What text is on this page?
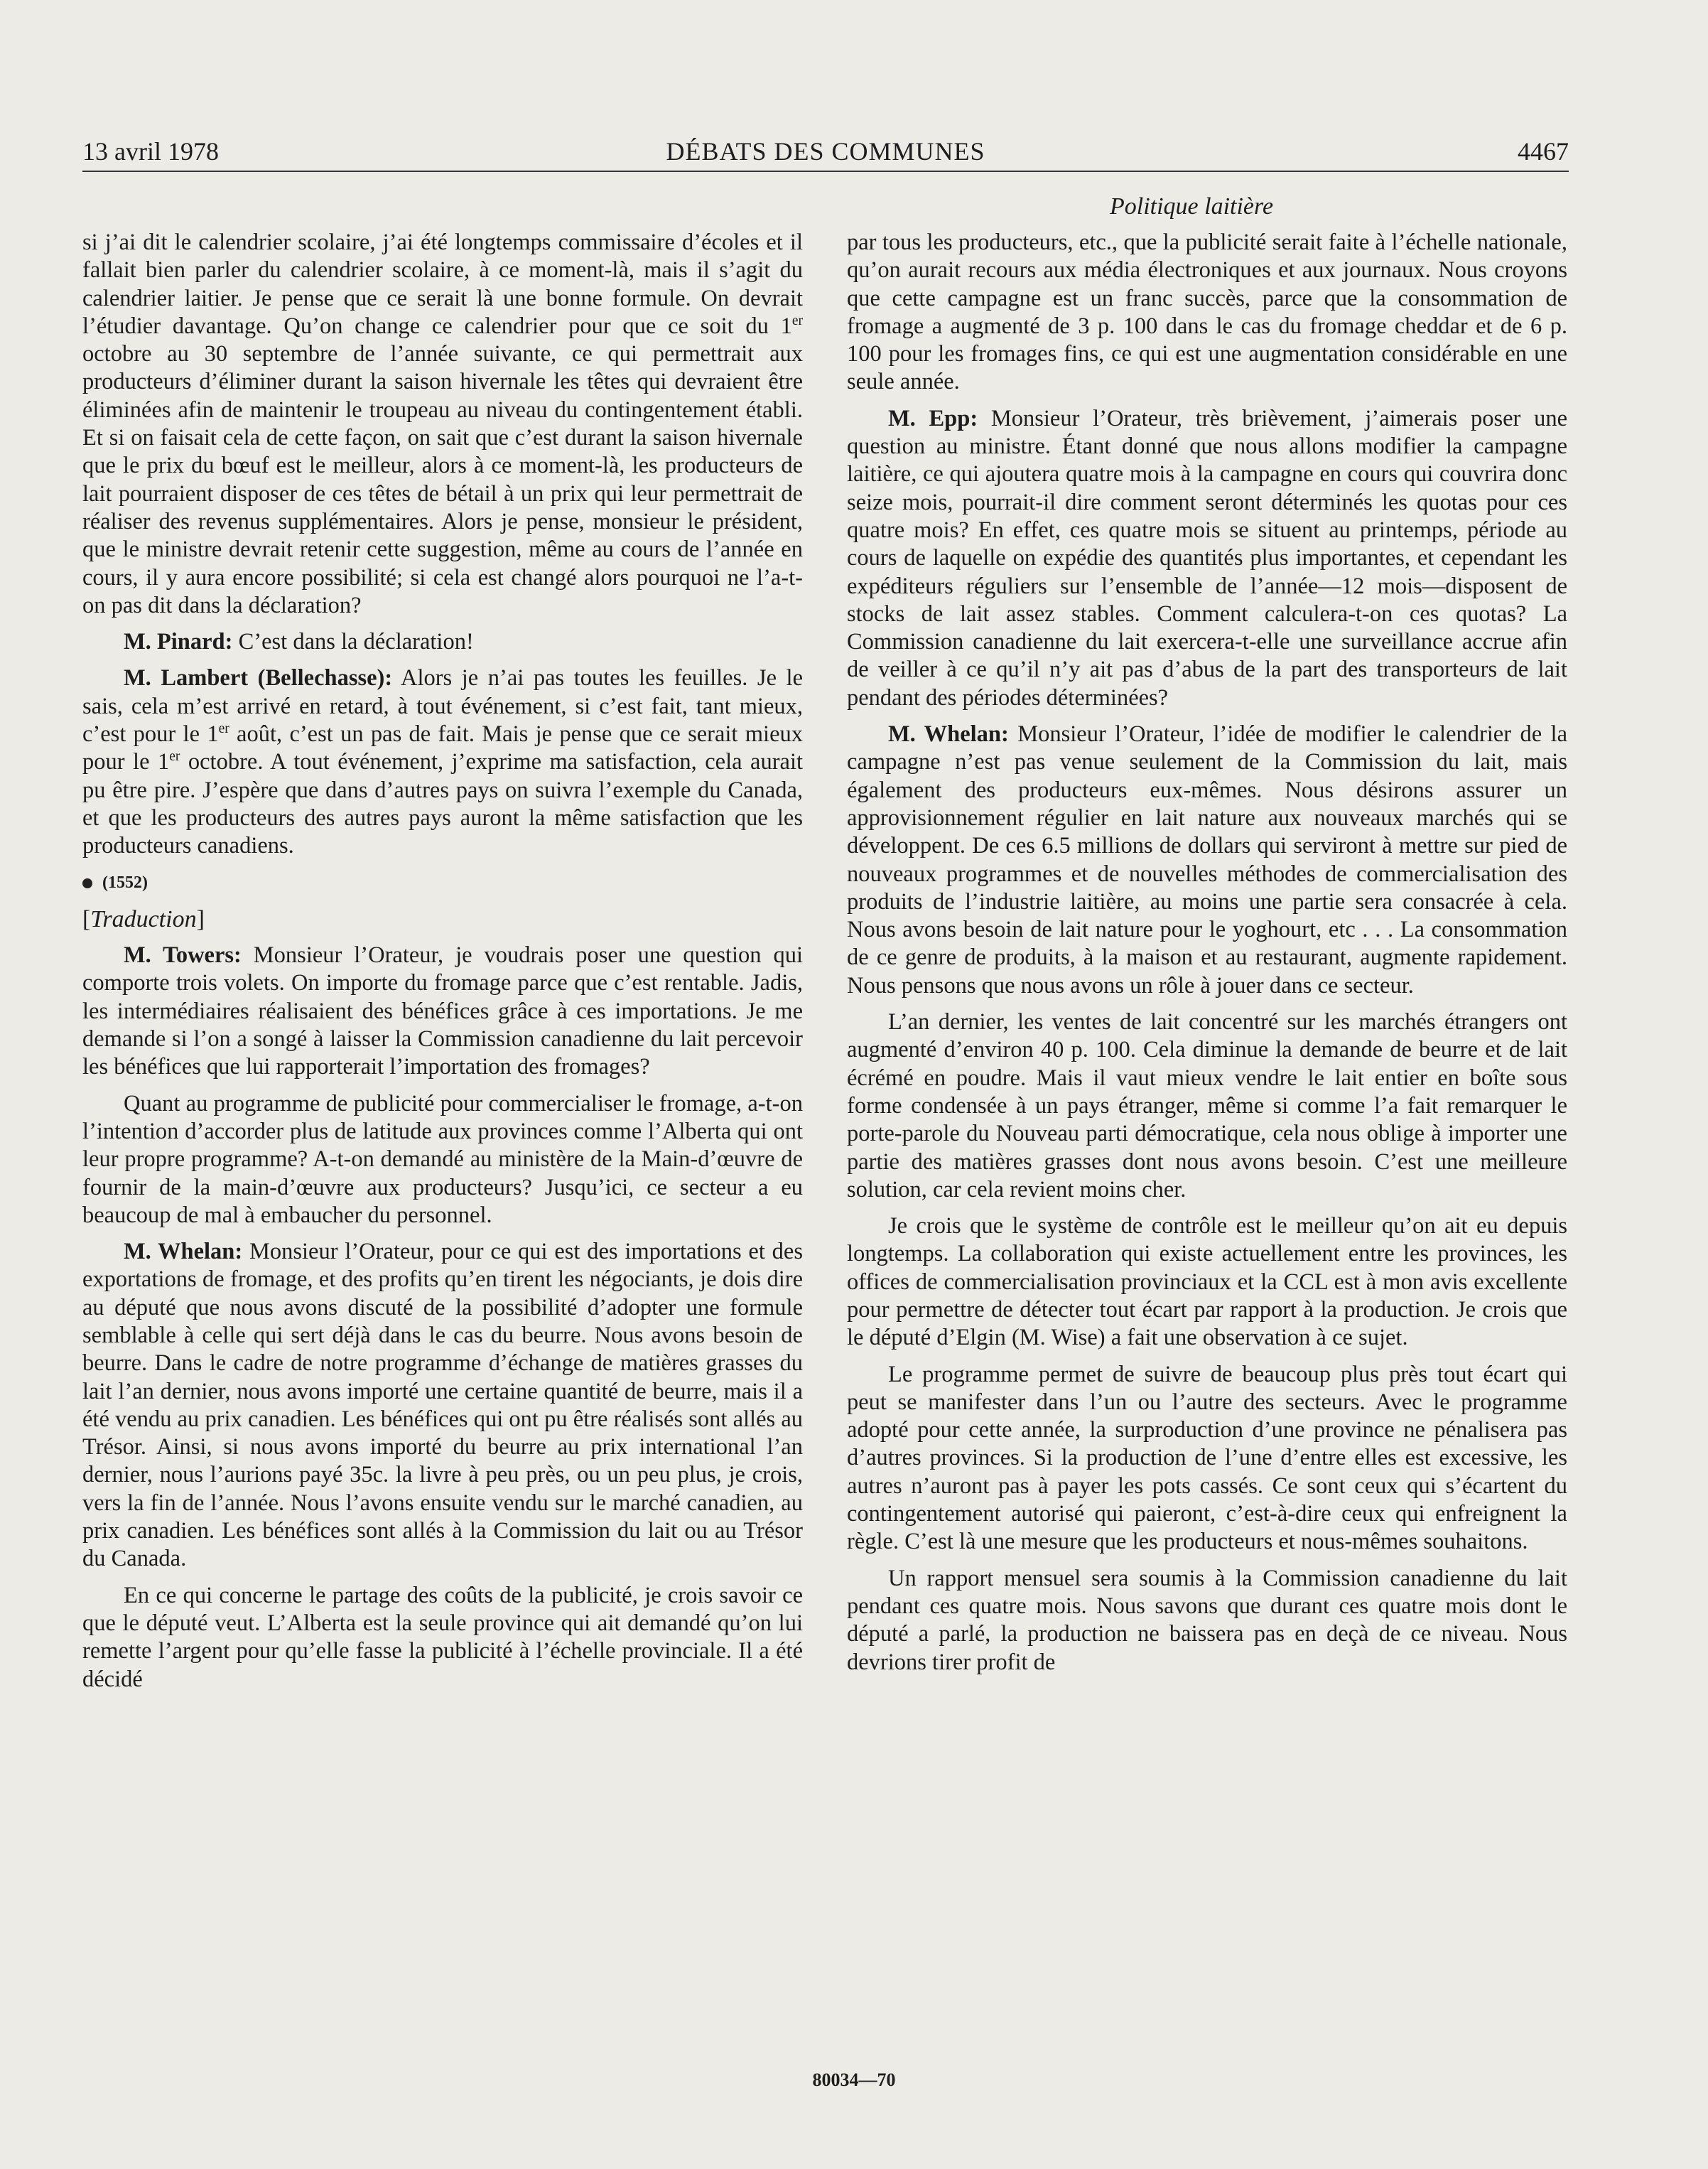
13 avril 1978	DÉBATS DES COMMUNES	4467
Politique laitière

si j’ai dit le calendrier scolaire, j’ai été longtemps commissaire d’écoles et il fallait bien parler du calendrier scolaire, à ce moment-là, mais il s’agit du calendrier laitier. Je pense que ce serait là une bonne formule. On devrait l’étudier davantage. Qu’on change ce calendrier pour que ce soit du 1er octobre au 30 septembre de l’année suivante, ce qui permettrait aux producteurs d’éliminer durant la saison hivernale les têtes qui devraient être éliminées afin de maintenir le troupeau au niveau du contingentement établi. Et si on faisait cela de cette façon, on sait que c’est durant la saison hivernale que le prix du bœuf est le meilleur, alors à ce moment-là, les producteurs de lait pourraient disposer de ces têtes de bétail à un prix qui leur permettrait de réaliser des revenus supplémentaires. Alors je pense, monsieur le président, que le ministre devrait retenir cette suggestion, même au cours de l’année en cours, il y aura encore possibilité; si cela est changé alors pourquoi ne l’a-t-on pas dit dans la déclaration?

M. Pinard: C’est dans la déclaration!

M. Lambert (Bellechasse): Alors je n’ai pas toutes les feuilles. Je le sais, cela m’est arrivé en retard, à tout événement, si c’est fait, tant mieux, c’est pour le 1er août, c’est un pas de fait. Mais je pense que ce serait mieux pour le 1er octobre. A tout événement, j’exprime ma satisfaction, cela aurait pu être pire. J’espère que dans d’autres pays on suivra l’exemple du Canada, et que les producteurs des autres pays auront la même satisfaction que les producteurs canadiens.

(1552)
[Traduction]

M. Towers: Monsieur l’Orateur, je voudrais poser une question qui comporte trois volets. On importe du fromage parce que c’est rentable. Jadis, les intermédiaires réalisaient des bénéfices grâce à ces importations. Je me demande si l’on a songé à laisser la Commission canadienne du lait percevoir les bénéfices que lui rapporterait l’importation des fromages?

Quant au programme de publicité pour commercialiser le fromage, a-t-on l’intention d’accorder plus de latitude aux provinces comme l’Alberta qui ont leur propre programme? A-t-on demandé au ministère de la Main-d’œuvre de fournir de la main-d’œuvre aux producteurs? Jusqu’ici, ce secteur a eu beaucoup de mal à embaucher du personnel.

M. Whelan: Monsieur l’Orateur, pour ce qui est des importations et des exportations de fromage, et des profits qu’en tirent les négociants, je dois dire au député que nous avons discuté de la possibilité d’adopter une formule semblable à celle qui sert déjà dans le cas du beurre. Nous avons besoin de beurre. Dans le cadre de notre programme d’échange de matières grasses du lait l’an dernier, nous avons importé une certaine quantité de beurre, mais il a été vendu au prix canadien. Les bénéfices qui ont pu être réalisés sont allés au Trésor. Ainsi, si nous avons importé du beurre au prix international l’an dernier, nous l’aurions payé 35c. la livre à peu près, ou un peu plus, je crois, vers la fin de l’année. Nous l’avons ensuite vendu sur le marché canadien, au prix canadien. Les bénéfices sont allés à la Commission du lait ou au Trésor du Canada.

En ce qui concerne le partage des coûts de la publicité, je crois savoir ce que le député veut. L’Alberta est la seule province qui ait demandé qu’on lui remette l’argent pour qu’elle fasse la publicité à l’échelle provinciale. Il a été décidé

par tous les producteurs, etc., que la publicité serait faite à l’échelle nationale, qu’on aurait recours aux média électroniques et aux journaux. Nous croyons que cette campagne est un franc succès, parce que la consommation de fromage a augmenté de 3 p. 100 dans le cas du fromage cheddar et de 6 p. 100 pour les fromages fins, ce qui est une augmentation considérable en une seule année.

M. Epp: Monsieur l’Orateur, très brièvement, j’aimerais poser une question au ministre. Étant donné que nous allons modifier la campagne laitière, ce qui ajoutera quatre mois à la campagne en cours qui couvrira donc seize mois, pourrait-il dire comment seront déterminés les quotas pour ces quatre mois? En effet, ces quatre mois se situent au printemps, période au cours de laquelle on expédie des quantités plus importantes, et cependant les expéditeurs réguliers sur l’ensemble de l’année—12 mois—disposent de stocks de lait assez stables. Comment calculera-t-on ces quotas? La Commission canadienne du lait exercera-t-elle une surveillance accrue afin de veiller à ce qu’il n’y ait pas d’abus de la part des transporteurs de lait pendant des périodes déterminées?

M. Whelan: Monsieur l’Orateur, l’idée de modifier le calendrier de la campagne n’est pas venue seulement de la Commission du lait, mais également des producteurs eux-mêmes. Nous désirons assurer un approvisionnement régulier en lait nature aux nouveaux marchés qui se développent. De ces 6.5 millions de dollars qui serviront à mettre sur pied de nouveaux programmes et de nouvelles méthodes de commercialisation des produits de l’industrie laitière, au moins une partie sera consacrée à cela. Nous avons besoin de lait nature pour le yoghourt, etc . . . La consommation de ce genre de produits, à la maison et au restaurant, augmente rapidement. Nous pensons que nous avons un rôle à jouer dans ce secteur.

L’an dernier, les ventes de lait concentré sur les marchés étrangers ont augmenté d’environ 40 p. 100. Cela diminue la demande de beurre et de lait écrémé en poudre. Mais il vaut mieux vendre le lait entier en boîte sous forme condensée à un pays étranger, même si comme l’a fait remarquer le porte-parole du Nouveau parti démocratique, cela nous oblige à importer une partie des matières grasses dont nous avons besoin. C’est une meilleure solution, car cela revient moins cher.

Je crois que le système de contrôle est le meilleur qu’on ait eu depuis longtemps. La collaboration qui existe actuellement entre les provinces, les offices de commercialisation provinciaux et la CCL est à mon avis excellente pour permettre de détecter tout écart par rapport à la production. Je crois que le député d’Elgin (M. Wise) a fait une observation à ce sujet.

Le programme permet de suivre de beaucoup plus près tout écart qui peut se manifester dans l’un ou l’autre des secteurs. Avec le programme adopté pour cette année, la surproduction d’une province ne pénalisera pas d’autres provinces. Si la production de l’une d’entre elles est excessive, les autres n’auront pas à payer les pots cassés. Ce sont ceux qui s’écartent du contingentement autorisé qui paieront, c’est-à-dire ceux qui enfreignent la règle. C’est là une mesure que les producteurs et nous-mêmes souhaitons.

Un rapport mensuel sera soumis à la Commission canadienne du lait pendant ces quatre mois. Nous savons que durant ces quatre mois dont le député a parlé, la production ne baissera pas en deçà de ce niveau. Nous devrions tirer profit de

80034—70
